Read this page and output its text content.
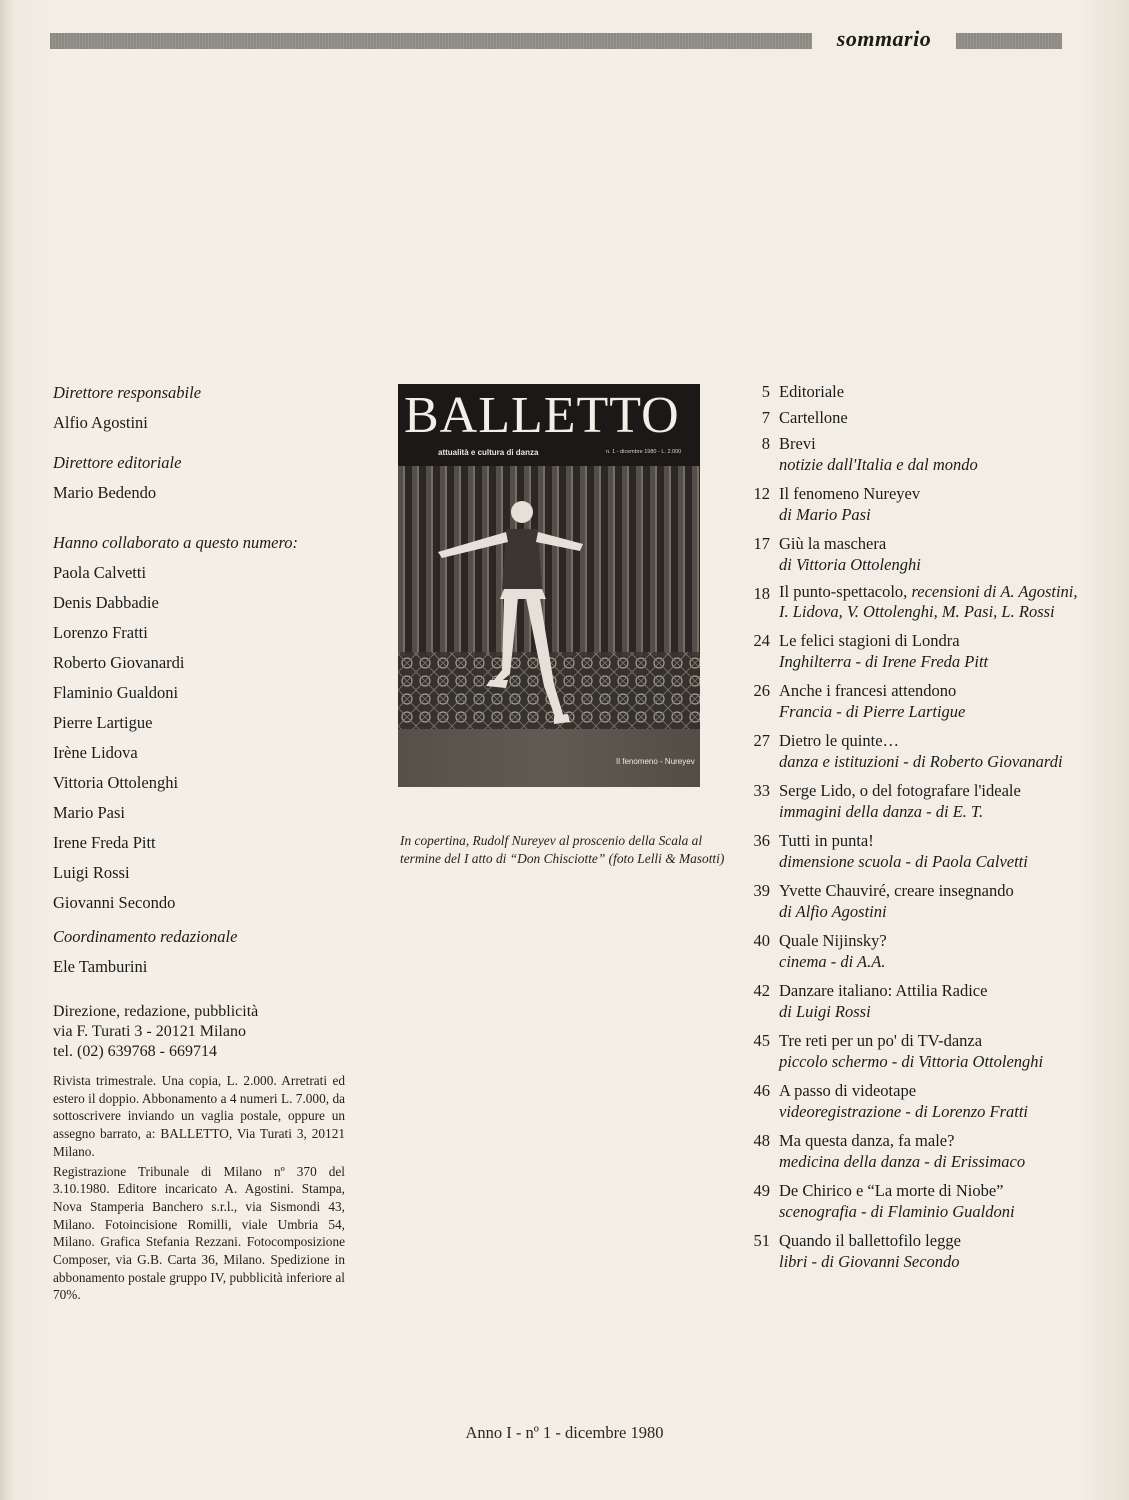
sommario
Direttore responsabile
Alfio Agostini
Direttore editoriale
Mario Bedendo
Hanno collaborato a questo numero:
Paola Calvetti
Denis Dabbadie
Lorenzo Fratti
Roberto Giovanardi
Flaminio Gualdoni
Pierre Lartigue
Irène Lidova
Vittoria Ottolenghi
Mario Pasi
Irene Freda Pitt
Luigi Rossi
Giovanni Secondo
Coordinamento redazionale
Ele Tamburini
Direzione, redazione, pubblicità
via F. Turati 3 - 20121 Milano
tel. (02) 639768 - 669714

Rivista trimestrale. Una copia, L. 2.000. Arretrati ed estero il doppio. Abbonamento a 4 numeri L. 7.000, da sottoscrivere inviando un vaglia postale, oppure un assegno barrato, a: BALLETTO, Via Turati 3, 20121 Milano.

Registrazione Tribunale di Milano nº 370 del 3.10.1980. Editore incaricato A. Agostini. Stampa, Nova Stamperia Banchero s.r.l., via Sismondi 43, Milano. Fotoincisione Romilli, viale Umbria 54, Milano. Grafica Stefania Rezzani. Fotocomposizione Composer, via G.B. Carta 36, Milano. Spedizione in abbonamento postale gruppo IV, pubblicità inferiore al 70%.

BALLETTO
attualità e cultura di danza	n. 1 - dicembre 1980 - L. 2.000
Il fenomeno - Nureyev
In copertina, Rudolf Nureyev al proscenio della Scala al termine del I atto di “Don Chisciotte” (foto Lelli & Masotti)
5 Editoriale
7 Cartellone
8 Brevi
notizie dall'Italia e dal mondo
12 Il fenomeno Nureyev
di Mario Pasi
17 Giù la maschera
di Vittoria Ottolenghi
18 Il punto-spettacolo, recensioni di A. Agostini, I. Lidova, V. Ottolenghi, M. Pasi, L. Rossi
24 Le felici stagioni di Londra
Inghilterra - di Irene Freda Pitt
26 Anche i francesi attendono
Francia - di Pierre Lartigue
27 Dietro le quinte…
danza e istituzioni - di Roberto Giovanardi
33 Serge Lido, o del fotografare l'ideale
immagini della danza - di E. T.
36 Tutti in punta!
dimensione scuola - di Paola Calvetti
39 Yvette Chauviré, creare insegnando
di Alfio Agostini
40 Quale Nijinsky?
cinema - di A.A.
42 Danzare italiano: Attilia Radice
di Luigi Rossi
45 Tre reti per un po' di TV-danza
piccolo schermo - di Vittoria Ottolenghi
46 A passo di videotape
videoregistrazione - di Lorenzo Fratti
48 Ma questa danza, fa male?
medicina della danza - di Erissimaco
49 De Chirico e “La morte di Niobe”
scenografia - di Flaminio Gualdoni
51 Quando il ballettofilo legge
libri - di Giovanni Secondo
Anno I - nº 1 - dicembre 1980
